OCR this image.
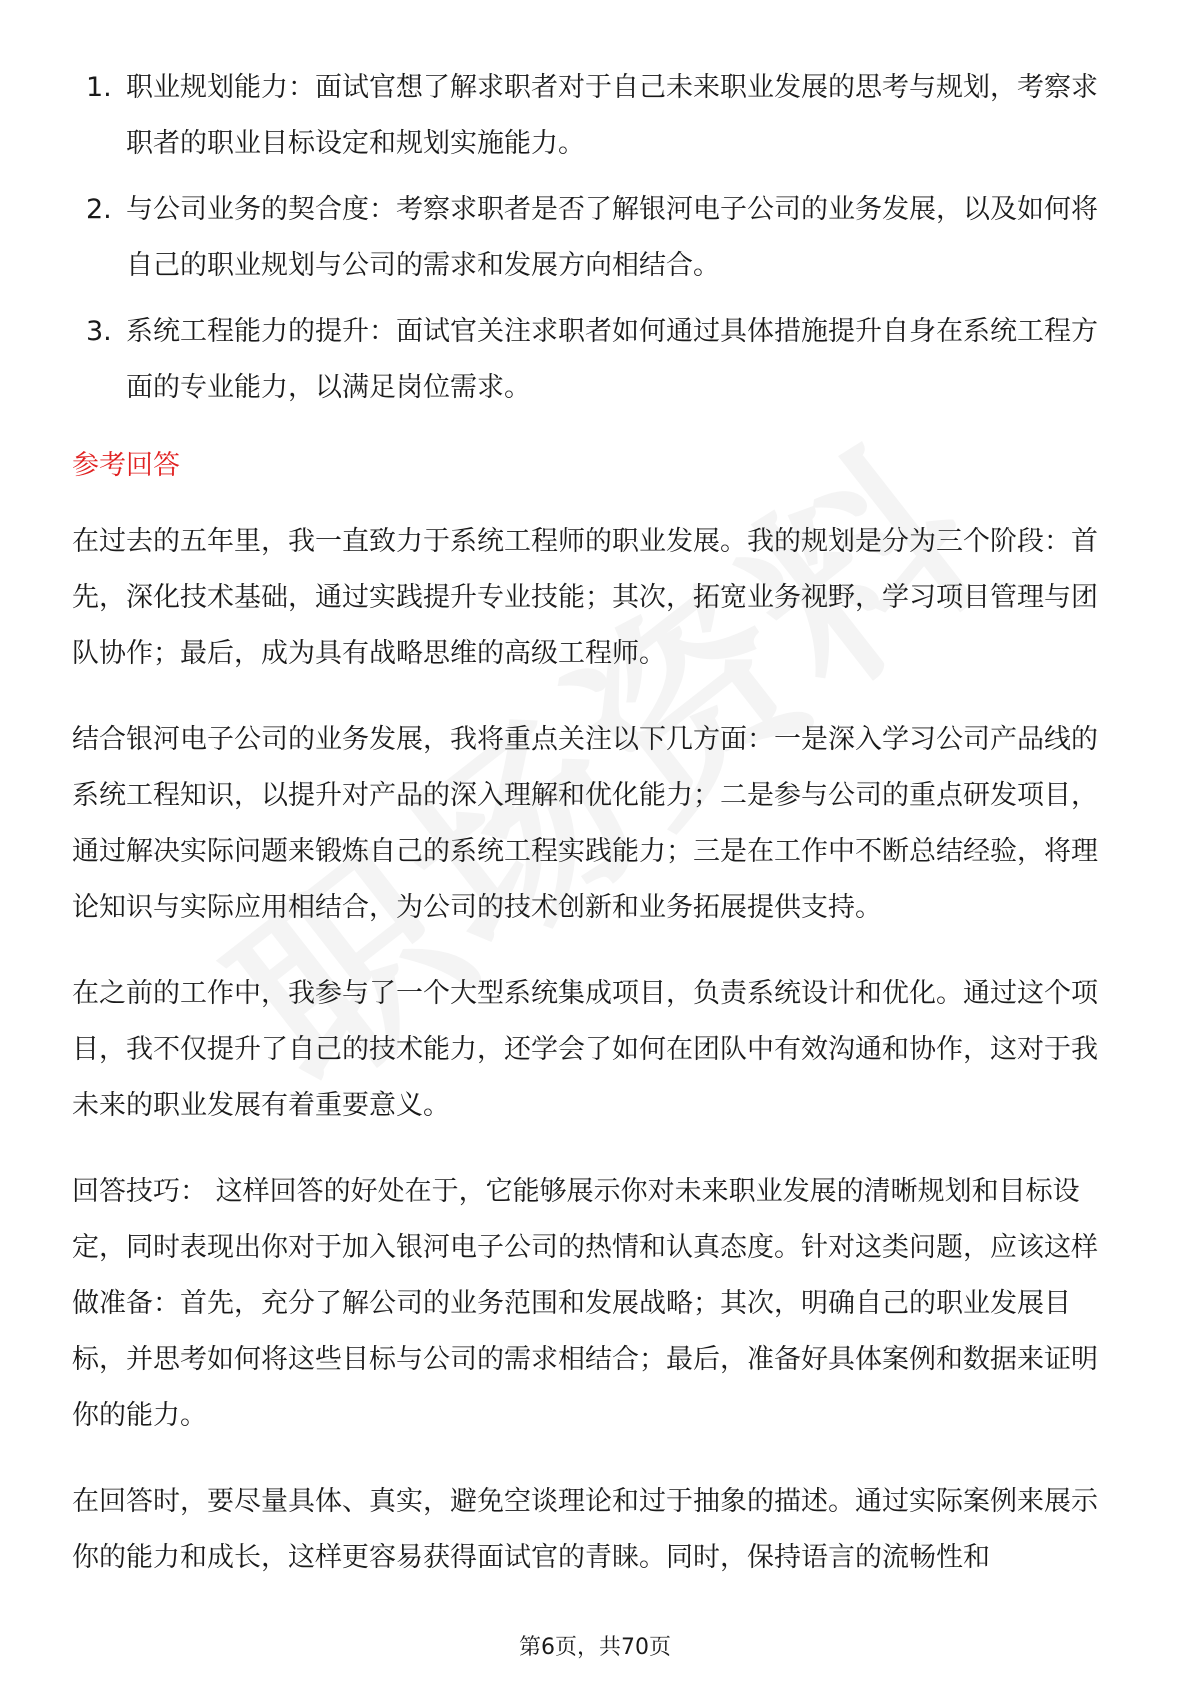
1. 职业规划能力：面试官想了解求职者对于自己未来职业发展的思考与规划，考察求职者的职业目标设定和规划实施能力。
2. 与公司业务的契合度：考察求职者是否了解银河电子公司的业务发展，以及如何将自己的职业规划与公司的需求和发展方向相结合。
3. 系统工程能力的提升：面试官关注求职者如何通过具体措施提升自身在系统工程方面的专业能力，以满足岗位需求。
参考回答

在过去的五年里，我一直致力于系统工程师的职业发展。我的规划是分为三个阶段：首先，深化技术基础，通过实践提升专业技能；其次，拓宽业务视野，学习项目管理与团队协作；最后，成为具有战略思维的高级工程师。

结合银河电子公司的业务发展，我将重点关注以下几方面：一是深入学习公司产品线的系统工程知识，以提升对产品的深入理解和优化能力；二是参与公司的重点研发项目，通过解决实际问题来锻炼自己的系统工程实践能力；三是在工作中不断总结经验，将理论知识与实际应用相结合，为公司的技术创新和业务拓展提供支持。

在之前的工作中，我参与了一个大型系统集成项目，负责系统设计和优化。通过这个项目，我不仅提升了自己的技术能力，还学会了如何在团队中有效沟通和协作，这对于我未来的职业发展有着重要意义。

回答技巧： 这样回答的好处在于，它能够展示你对未来职业发展的清晰规划和目标设定，同时表现出你对于加入银河电子公司的热情和认真态度。针对这类问题，应该这样做准备：首先，充分了解公司的业务范围和发展战略；其次，明确自己的职业发展目标，并思考如何将这些目标与公司的需求相结合；最后，准备好具体案例和数据来证明你的能力。

在回答时，要尽量具体、真实，避免空谈理论和过于抽象的描述。通过实际案例来展示你的能力和成长，这样更容易获得面试官的青睐。同时，保持语言的流畅性和

第6页，共70页
